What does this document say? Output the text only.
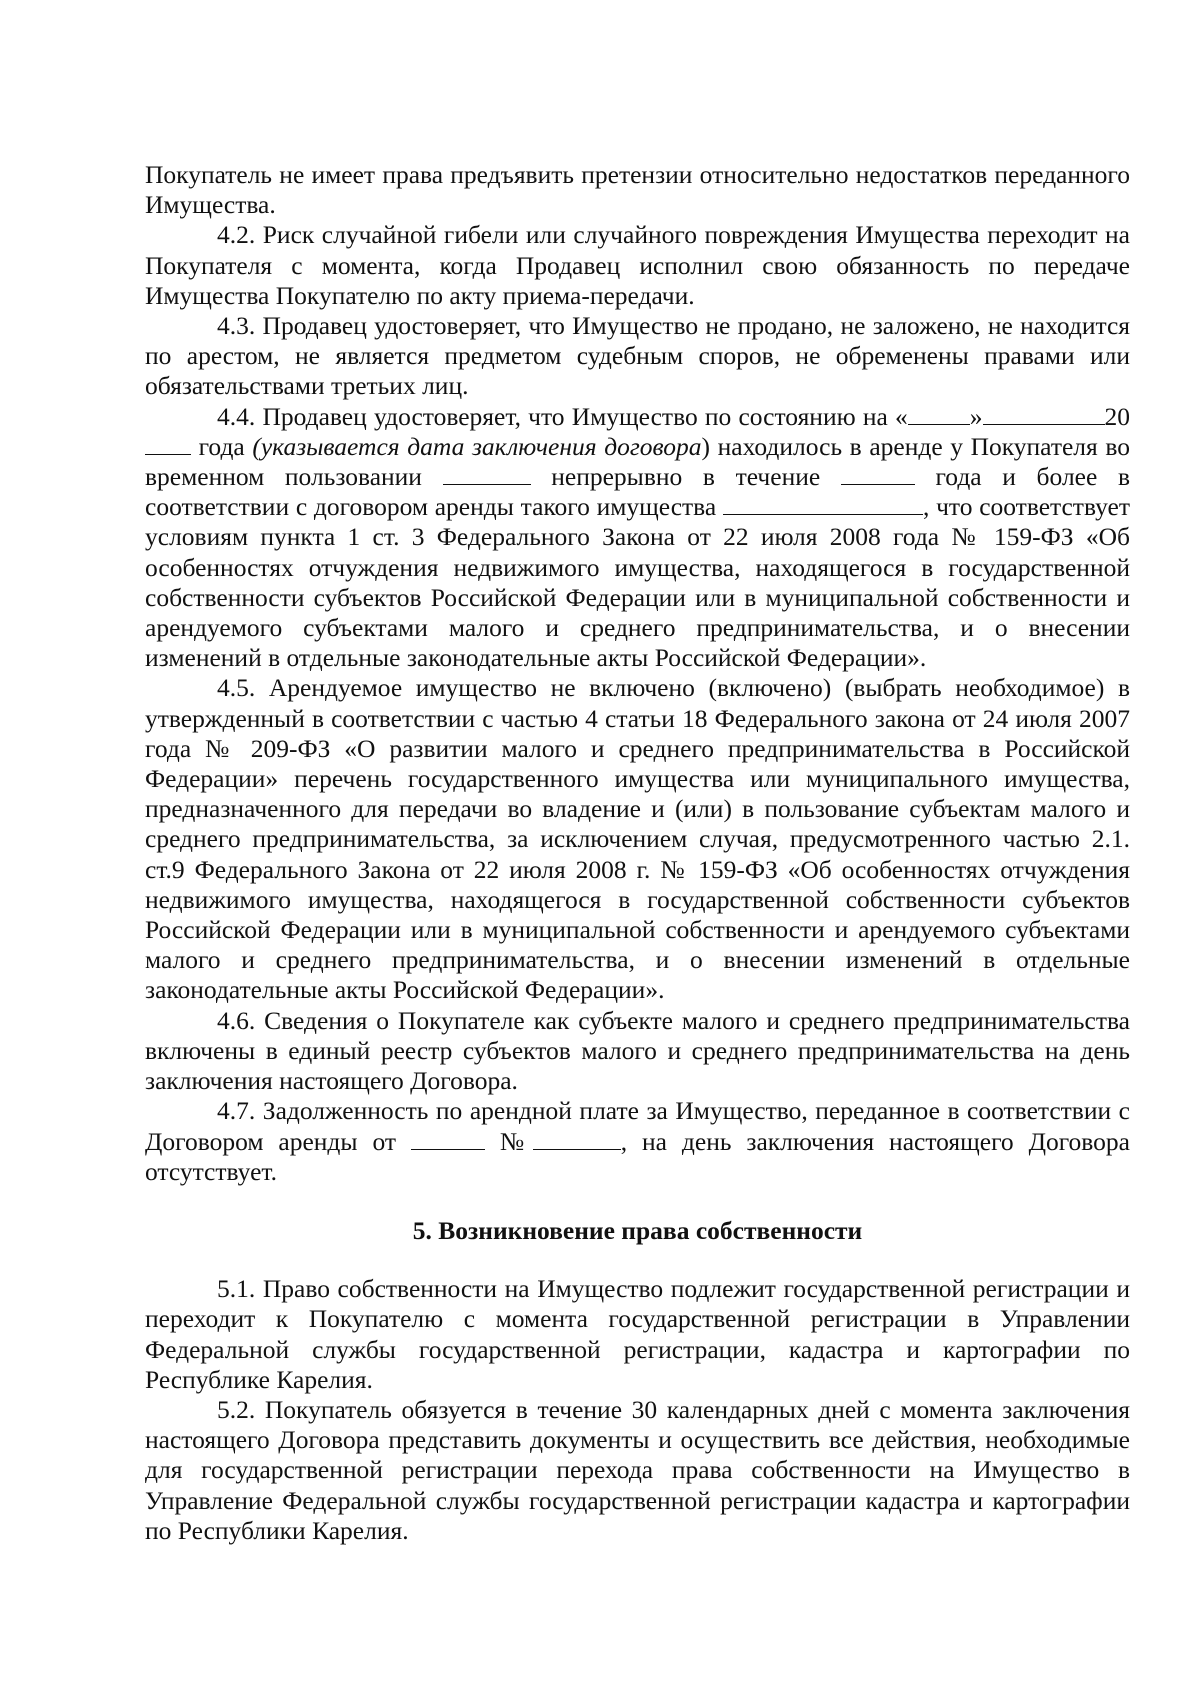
Покупатель не имеет права предъявить претензии относительно недостатков переданного Имущества.

4.2. Риск случайной гибели или случайного повреждения Имущества переходит на Покупателя с момента, когда Продавец исполнил свою обязанность по передаче Имущества Покупателю по акту приема-передачи.

4.3. Продавец удостоверяет, что Имущество не продано, не заложено, не находится по арестом, не является предметом судебным споров, не обременены правами или обязательствами третьих лиц.

4.4. Продавец удостоверяет, что Имущество по состоянию на « »	20 года (указывается дата заключения договора) находилось в аренде у Покупателя во временном пользовании	непрерывно в течение	года и более в соответствии с договором аренды такого имущества	, что соответствует условиям пункта 1 ст. 3 Федерального Закона от 22 июля 2008 года № 159-ФЗ «Об особенностях отчуждения недвижимого имущества, находящегося в государственной собственности субъектов Российской Федерации или в муниципальной собственности и арендуемого субъектами малого и среднего предпринимательства, и о внесении изменений в отдельные законодательные акты Российской Федерации».

4.5. Арендуемое имущество не включено (включено) (выбрать необходимое) в утвержденный в соответствии с частью 4 статьи 18 Федерального закона от 24 июля 2007 года № 209-ФЗ «О развитии малого и среднего предпринимательства в Российской Федерации» перечень государственного имущества или муниципального имущества, предназначенного для передачи во владение и (или) в пользование субъектам малого и среднего предпринимательства, за исключением случая, предусмотренного частью 2.1. ст.9 Федерального Закона от 22 июля 2008 г. № 159-ФЗ «Об особенностях отчуждения недвижимого имущества, находящегося в государственной собственности субъектов Российской Федерации или в муниципальной собственности и арендуемого субъектами малого и среднего предпринимательства, и о внесении изменений в отдельные законодательные акты Российской Федерации».

4.6. Сведения о Покупателе как субъекте малого и среднего предпринимательства включены в единый реестр субъектов малого и среднего предпринимательства на день заключения настоящего Договора.

4.7. Задолженность по арендной плате за Имущество, переданное в соответствии с Договором аренды от	№	, на день заключения настоящего Договора отсутствует.

5. Возникновение права собственности

5.1. Право собственности на Имущество подлежит государственной регистрации и переходит к Покупателю с момента государственной регистрации в Управлении Федеральной службы государственной регистрации, кадастра и картографии по Республике Карелия.

5.2. Покупатель обязуется в течение 30 календарных дней с момента заключения настоящего Договора представить документы и осуществить все действия, необходимые для государственной регистрации перехода права собственности на Имущество в Управление Федеральной службы государственной регистрации кадастра и картографии по Республики Карелия.
